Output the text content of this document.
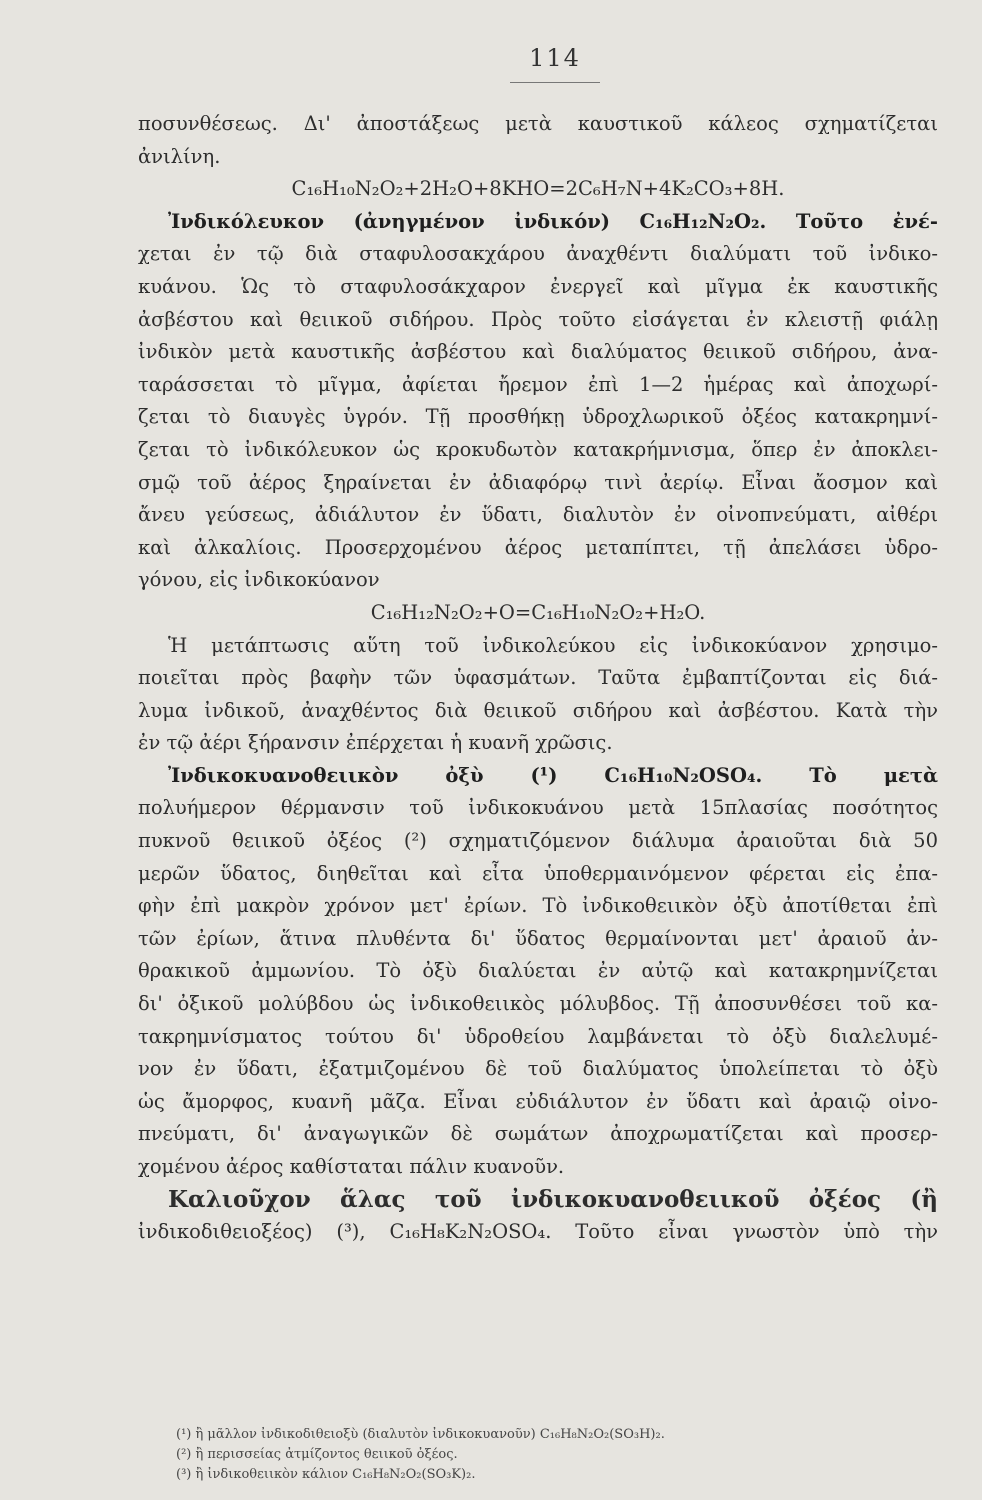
114
ποσυνθέσεως. Δι' ἀποστάξεως μετὰ καυστικοῦ κάλεος σχηματίζεται
ἀνιλίνη.
C₁₆H₁₀N₂O₂+2H₂O+8KHO=2C₆H₇N+4K₂CO₃+8H.
Ἰνδικόλευκον (ἀνηγμένον ἰνδικόν) C₁₆H₁₂N₂O₂. Τοῦτο ἐνέ-
χεται ἐν τῷ διὰ σταφυλοσακχάρου ἀναχθέντι διαλύματι τοῦ ἰνδικο-
κυάνου. Ὡς τὸ σταφυλοσάκχαρον ἐνεργεῖ καὶ μῖγμα ἐκ καυστικῆς
ἀσβέστου καὶ θειικοῦ σιδήρου. Πρὸς τοῦτο εἰσάγεται ἐν κλειστῇ φιάλῃ
ἰνδικὸν μετὰ καυστικῆς ἀσβέστου καὶ διαλύματος θειικοῦ σιδήρου, ἀνα-
ταράσσεται τὸ μῖγμα, ἀφίεται ἤρεμον ἐπὶ 1—2 ἡμέρας καὶ ἀποχωρί-
ζεται τὸ διαυγὲς ὑγρόν. Τῇ προσθήκῃ ὑδροχλωρικοῦ ὀξέος κατακρημνί-
ζεται τὸ ἰνδικόλευκον ὡς κροκυδωτὸν κατακρήμνισμα, ὅπερ ἐν ἀποκλει-
σμῷ τοῦ ἀέρος ξηραίνεται ἐν ἀδιαφόρῳ τινὶ ἀερίῳ. Εἶναι ἄοσμον καὶ
ἄνευ γεύσεως, ἀδιάλυτον ἐν ὕδατι, διαλυτὸν ἐν οἰνοπνεύματι, αἰθέρι
καὶ ἀλκαλίοις. Προσερχομένου ἀέρος μεταπίπτει, τῇ ἀπελάσει ὑδρο-
γόνου, εἰς ἰνδικοκύανον
C₁₆H₁₂N₂O₂+O=C₁₆H₁₀N₂O₂+H₂O.
Ἡ μετάπτωσις αὕτη τοῦ ἰνδικολεύκου εἰς ἰνδικοκύανον χρησιμο-
ποιεῖται πρὸς βαφὴν τῶν ὑφασμάτων. Ταῦτα ἐμβαπτίζονται εἰς διά-
λυμα ἰνδικοῦ, ἀναχθέντος διὰ θειικοῦ σιδήρου καὶ ἀσβέστου. Κατὰ τὴν
ἐν τῷ ἀέρι ξήρανσιν ἐπέρχεται ἡ κυανῆ χρῶσις.
Ἰνδικοκυανοθειικὸν ὀξὺ (¹) C₁₆H₁₀N₂OSO₄. Τὸ μετὰ
πολυήμερον θέρμανσιν τοῦ ἰνδικοκυάνου μετὰ 15πλασίας ποσότητος
πυκνοῦ θειικοῦ ὀξέος (²) σχηματιζόμενον διάλυμα ἀραιοῦται διὰ 50
μερῶν ὕδατος, διηθεῖται καὶ εἶτα ὑποθερμαινόμενον φέρεται εἰς ἐπα-
φὴν ἐπὶ μακρὸν χρόνον μετ' ἐρίων. Τὸ ἰνδικοθειικὸν ὀξὺ ἀποτίθεται ἐπὶ
τῶν ἐρίων, ἅτινα πλυθέντα δι' ὕδατος θερμαίνονται μετ' ἀραιοῦ ἀν-
θρακικοῦ ἀμμωνίου. Τὸ ὀξὺ διαλύεται ἐν αὐτῷ καὶ κατακρημνίζεται
δι' ὀξικοῦ μολύβδου ὡς ἰνδικοθειικὸς μόλυβδος. Τῇ ἀποσυνθέσει τοῦ κα-
τακρημνίσματος τούτου δι' ὑδροθείου λαμβάνεται τὸ ὀξὺ διαλελυμέ-
νον ἐν ὕδατι, ἐξατμιζομένου δὲ τοῦ διαλύματος ὑπολείπεται τὸ ὀξὺ
ὡς ἄμορφος, κυανῆ μᾶζα. Εἶναι εὐδιάλυτον ἐν ὕδατι καὶ ἀραιῷ οἰνο-
πνεύματι, δι' ἀναγωγικῶν δὲ σωμάτων ἀποχρωματίζεται καὶ προσερ-
χομένου ἀέρος καθίσταται πάλιν κυανοῦν.
Καλιοῦχον ἅλας τοῦ ἰνδικοκυανοθειικοῦ ὀξέος (ἢ
ἰνδικοδιθειοξέος) (³), C₁₆H₈K₂N₂OSO₄. Τοῦτο εἶναι γνωστὸν ὑπὸ τὴν
(¹) ἢ μᾶλλον ἰνδικοδιθειοξὺ (διαλυτὸν ἰνδικοκυανοῦν) C₁₆H₈N₂O₂(SO₃H)₂.
(²) ἢ περισσείας ἀτμίζοντος θειικοῦ ὀξέος.
(³) ἢ ἰνδικοθειικὸν κάλιον C₁₆H₈N₂O₂(SO₃K)₂.
